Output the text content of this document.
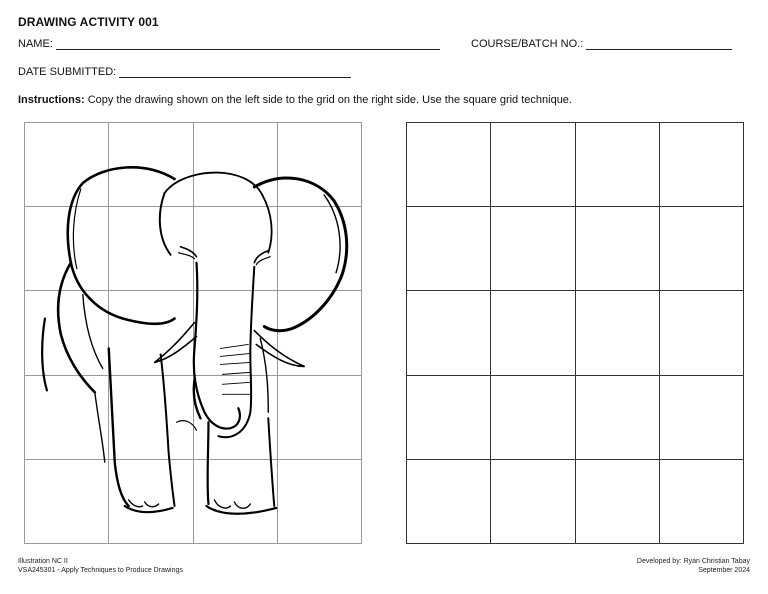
DRAWING ACTIVITY 001
NAME:	COURSE/BATCH NO.:
DATE SUBMITTED:
Instructions: Copy the drawing shown on the left side to the grid on the right side. Use the square grid technique.
Illustration NC II
VSA245301 - Apply Techniques to Produce Drawings
Developed by: Ryan Christian Tabay
September 2024
